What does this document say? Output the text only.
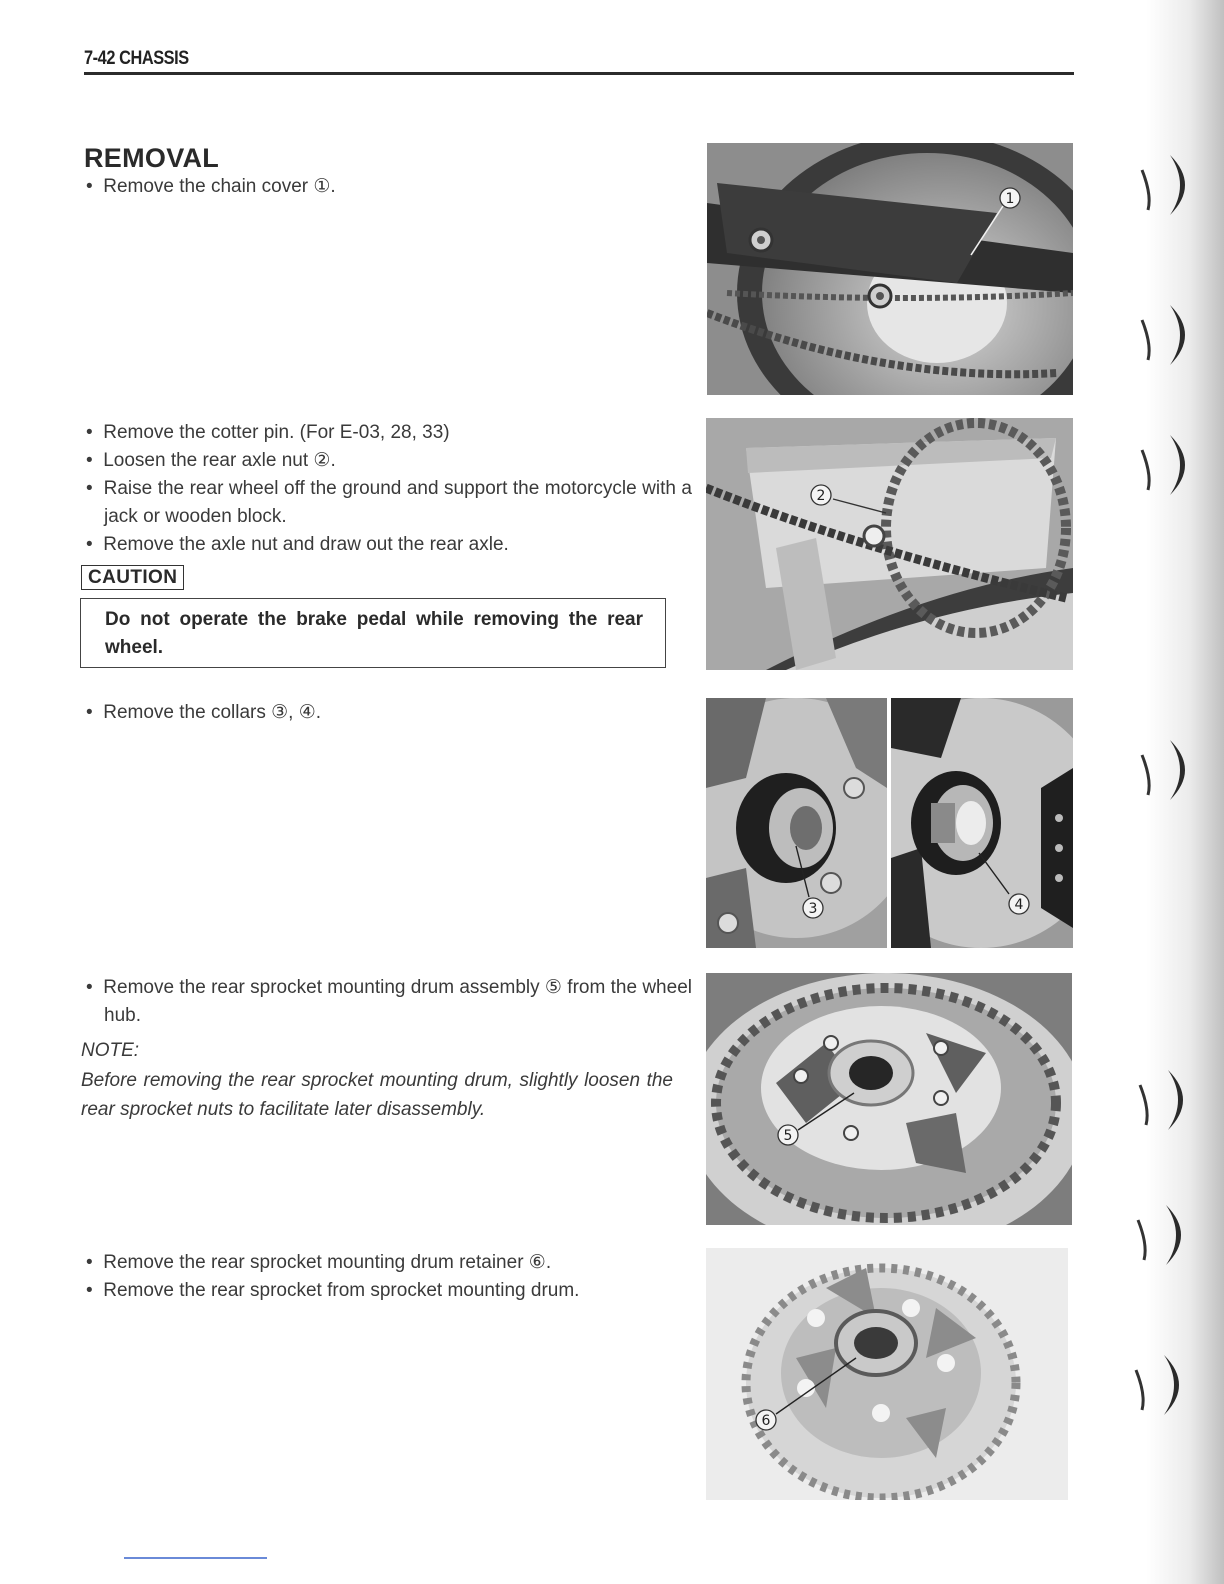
7-42 CHASSIS
REMOVAL
• Remove the chain cover ①.
• Remove the cotter pin. (For E-03, 28, 33)
• Loosen the rear axle nut ②.
• Raise the rear wheel off the ground and support the motorcycle with a jack or wooden block.
• Remove the axle nut and draw out the rear axle.
CAUTION
Do not operate the brake pedal while removing the rear wheel.
• Remove the collars ③, ④.
• Remove the rear sprocket mounting drum assembly ⑤ from the wheel hub.
NOTE:
Before removing the rear sprocket mounting drum, slightly loosen the rear sprocket nuts to facilitate later disassembly.
• Remove the rear sprocket mounting drum retainer ⑥.
• Remove the rear sprocket from sprocket mounting drum.
1
2
3	4
5
6
